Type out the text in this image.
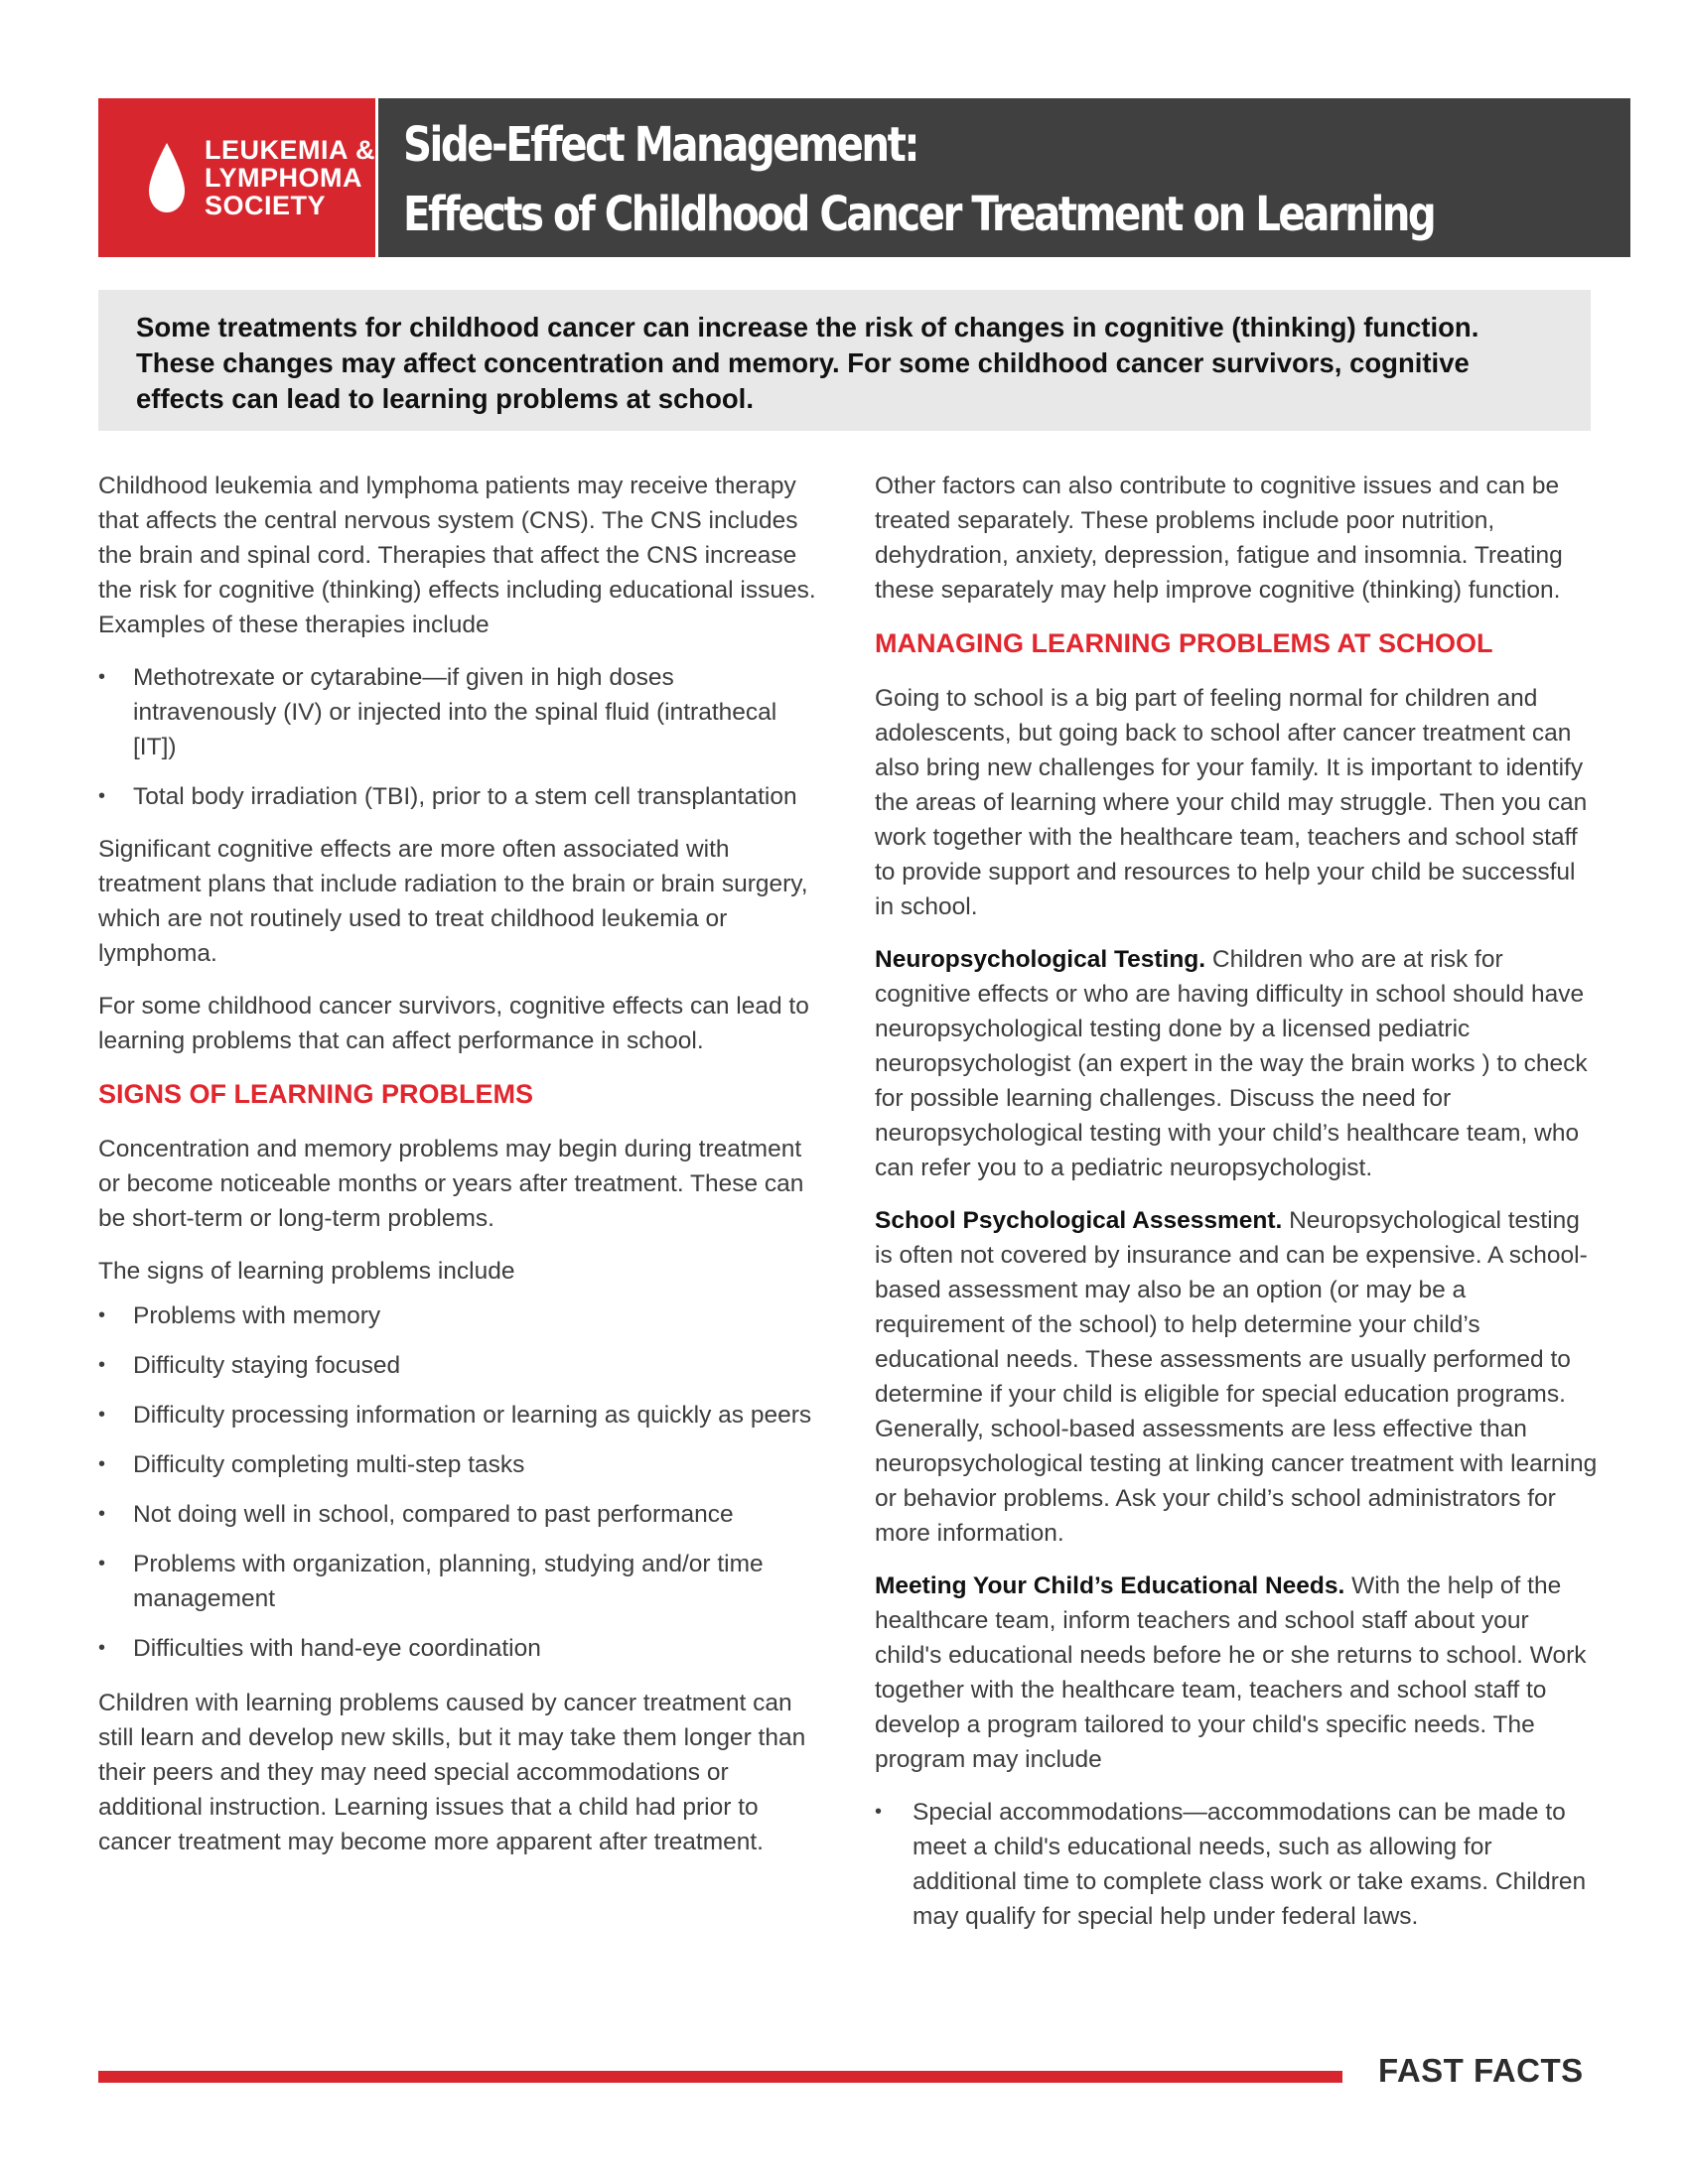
LEUKEMIA &
LYMPHOMA
SOCIETY
Side-Effect Management:
Effects of Childhood Cancer Treatment on Learning

Some treatments for childhood cancer can increase the risk of changes in cognitive (thinking) function. These changes may affect concentration and memory. For some childhood cancer survivors, cognitive effects can lead to learning problems at school.

Childhood leukemia and lymphoma patients may receive therapy that affects the central nervous system (CNS). The CNS includes the brain and spinal cord. Therapies that affect the CNS increase the risk for cognitive (thinking) effects including educational issues. Examples of these therapies include

• Methotrexate or cytarabine—if given in high doses intravenously (IV) or injected into the spinal fluid (intrathecal [IT])
• Total body irradiation (TBI), prior to a stem cell transplantation

Significant cognitive effects are more often associated with treatment plans that include radiation to the brain or brain surgery, which are not routinely used to treat childhood leukemia or lymphoma.

For some childhood cancer survivors, cognitive effects can lead to learning problems that can affect performance in school.

SIGNS OF LEARNING PROBLEMS

Concentration and memory problems may begin during treatment or become noticeable months or years after treatment. These can be short-term or long-term problems.

The signs of learning problems include

• Problems with memory
• Difficulty staying focused
• Difficulty processing information or learning as quickly as peers
• Difficulty completing multi-step tasks
• Not doing well in school, compared to past performance
• Problems with organization, planning, studying and/or time management
• Difficulties with hand-eye coordination

Children with learning problems caused by cancer treatment can still learn and develop new skills, but it may take them longer than their peers and they may need special accommodations or additional instruction. Learning issues that a child had prior to cancer treatment may become more apparent after treatment.

Other factors can also contribute to cognitive issues and can be treated separately. These problems include poor nutrition, dehydration, anxiety, depression, fatigue and insomnia. Treating these separately may help improve cognitive (thinking) function.

MANAGING LEARNING PROBLEMS AT SCHOOL

Going to school is a big part of feeling normal for children and adolescents, but going back to school after cancer treatment can also bring new challenges for your family. It is important to identify the areas of learning where your child may struggle. Then you can work together with the healthcare team, teachers and school staff to provide support and resources to help your child be successful in school.

Neuropsychological Testing. Children who are at risk for cognitive effects or who are having difficulty in school should have neuropsychological testing done by a licensed pediatric neuropsychologist (an expert in the way the brain works ) to check for possible learning challenges. Discuss the need for neuropsychological testing with your child’s healthcare team, who can refer you to a pediatric neuropsychologist.

School Psychological Assessment. Neuropsychological testing is often not covered by insurance and can be expensive. A school-based assessment may also be an option (or may be a requirement of the school) to help determine your child’s educational needs. These assessments are usually performed to determine if your child is eligible for special education programs. Generally, school-based assessments are less effective than neuropsychological testing at linking cancer treatment with learning or behavior problems. Ask your child’s school administrators for more information.

Meeting Your Child’s Educational Needs. With the help of the healthcare team, inform teachers and school staff about your child's educational needs before he or she returns to school. Work together with the healthcare team, teachers and school staff to develop a program tailored to your child's specific needs. The program may include

• Special accommodations—accommodations can be made to meet a child's educational needs, such as allowing for additional time to complete class work or take exams. Children may qualify for special help under federal laws.
FAST FACTS
